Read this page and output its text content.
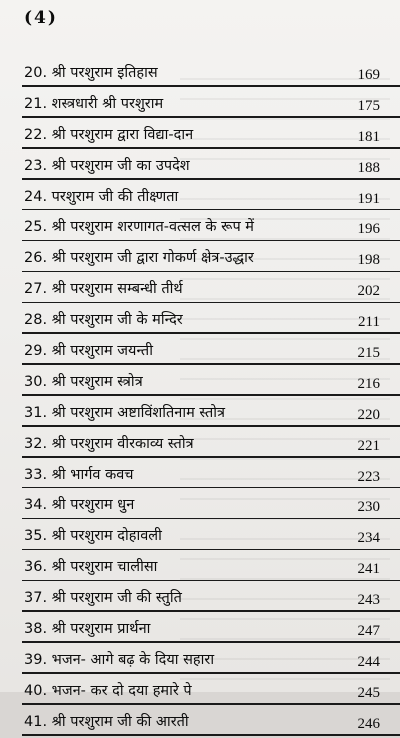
(4)
20. श्री परशुराम इतिहास	169
21. शस्त्रधारी श्री परशुराम	175
22. श्री परशुराम द्वारा विद्या-दान	181
23. श्री परशुराम जी का उपदेश	188
24. परशुराम जी की तीक्ष्णता	191
25. श्री परशुराम शरणागत-वत्सल के रूप में	196
26. श्री परशुराम जी द्वारा गोकर्ण क्षेत्र-उद्धार	198
27. श्री परशुराम सम्बन्धी तीर्थ	202
28. श्री परशुराम जी के मन्दिर	211
29. श्री परशुराम जयन्ती	215
30. श्री परशुराम स्त्रोत्र	216
31. श्री परशुराम अष्टाविंशतिनाम स्तोत्र	220
32. श्री परशुराम वीरकाव्य स्तोत्र	221
33. श्री भार्गव कवच	223
34. श्री परशुराम धुन	230
35. श्री परशुराम दोहावली	234
36. श्री परशुराम चालीसा	241
37. श्री परशुराम जी की स्तुति	243
38. श्री परशुराम प्रार्थना	247
39. भजन- आगे बढ़ के दिया सहारा	244
40. भजन- कर दो दया हमारे पे	245
41. श्री परशुराम जी की आरती	246
